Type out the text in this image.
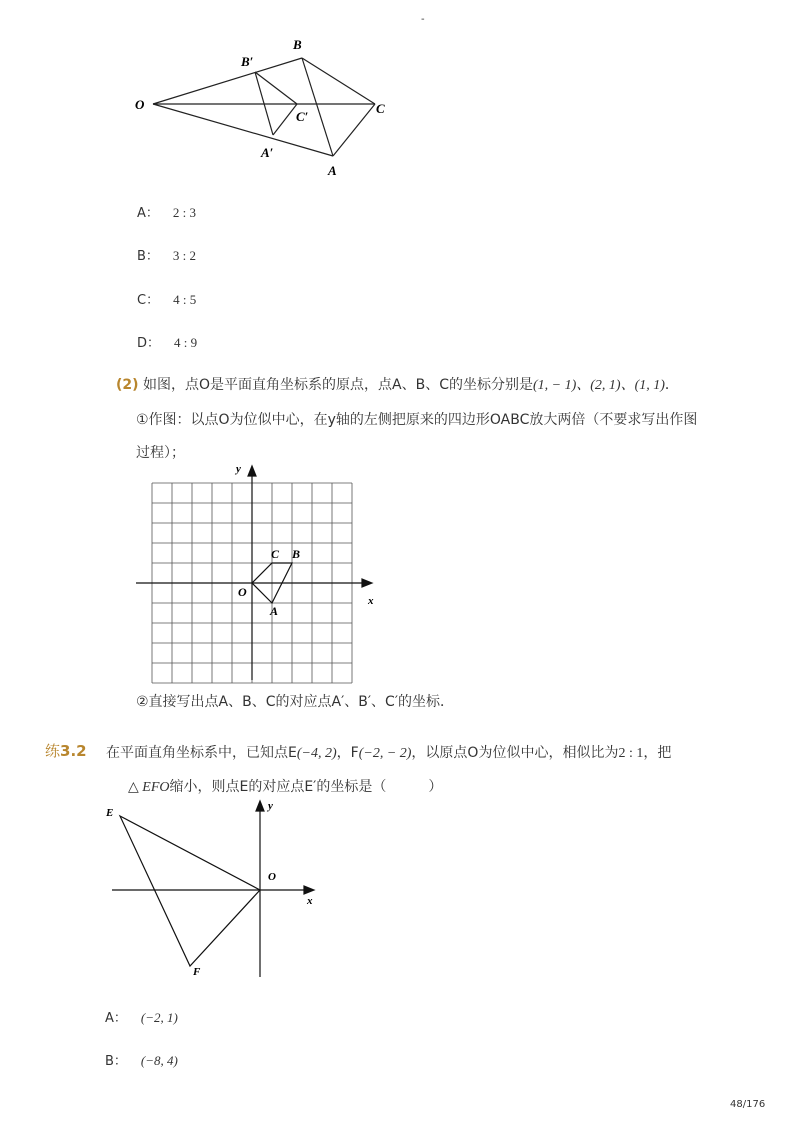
-
O
B
B′
C
C′
A′
A
A： 2 : 3
B： 3 : 2
C： 4 : 5
D： 4 : 9
(2) 如图，点O是平面直角坐标系的原点，点A、B、C的坐标分别是(1, − 1)、(2, 1)、(1, 1)．
①作图：以点O为位似中心，在y轴的左侧把原来的四边形OABC放大两倍（不要求写出作图
过程）；
y
x
O
C B
A
②直接写出点A、B、C的对应点A′、B′、C′的坐标．
练3.2 在平面直角坐标系中，已知点E(−4, 2)，F(−2, − 2)，以原点O为位似中心，相似比为2 : 1，把
△ EFO缩小，则点E的对应点E′的坐标是（　　　）
E
F
O
y
x
A： (−2, 1)
B： (−8, 4)
48/176
